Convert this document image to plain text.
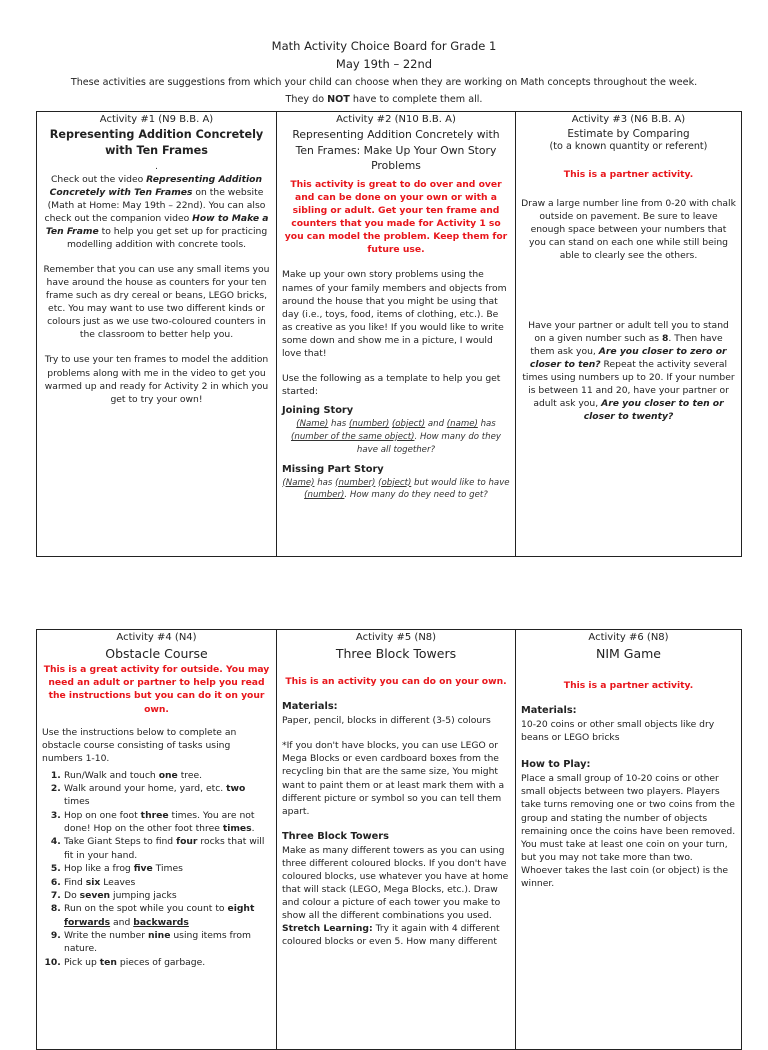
Math Activity Choice Board for Grade 1
May 19th – 22nd
These activities are suggestions from which your child can choose when they are working on Math concepts throughout the week.
They do NOT have to complete them all.
Activity #1 (N9 B.B. A)
Representing Addition Concretely with Ten Frames
.

Check out the video Representing Addition Concretely with Ten Frames on the website (Math at Home: May 19th – 22nd). You can also check out the companion video How to Make a Ten Frame to help you get set up for practicing modelling addition with concrete tools.

Remember that you can use any small items you have around the house as counters for your ten frame such as dry cereal or beans, LEGO bricks, etc. You may want to use two different kinds or colours just as we use two-coloured counters in the classroom to better help you.

Try to use your ten frames to model the addition problems along with me in the video to get you warmed up and ready for Activity 2 in which you get to try your own!

Activity #2 (N10 B.B. A)
Representing Addition Concretely with Ten Frames: Make Up Your Own Story Problems

This activity is great to do over and over and can be done on your own or with a sibling or adult. Get your ten frame and counters that you made for Activity 1 so you can model the problem. Keep them for future use.

Make up your own story problems using the names of your family members and objects from around the house that you might be using that day (i.e., toys, food, items of clothing, etc.). Be as creative as you like! If you would like to write some down and show me in a picture, I would love that!

Use the following as a template to help you get started:

Joining Story

(Name) has (number) (object) and (name) has (number of the same object). How many do they have all together?

Missing Part Story

(Name) has (number) (object) but would like to have (number). How many do they need to get?

Activity #3 (N6 B.B. A)
Estimate by Comparing
(to a known quantity or referent)

This is a partner activity.

Draw a large number line from 0-20 with chalk outside on pavement. Be sure to leave enough space between your numbers that you can stand on each one while still being able to clearly see the others.

Have your partner or adult tell you to stand on a given number such as 8. Then have them ask you, Are you closer to zero or closer to ten? Repeat the activity several times using numbers up to 20. If your number is between 11 and 20, have your partner or adult ask you, Are you closer to ten or closer to twenty?

Activity #4 (N4)
Obstacle Course

This is a great activity for outside. You may need an adult or partner to help you read the instructions but you can do it on your own.

Use the instructions below to complete an obstacle course consisting of tasks using numbers 1-10.

1. Run/Walk and touch one tree.
2. Walk around your home, yard, etc. two times
3. Hop on one foot three times. You are not done! Hop on the other foot three times.
4. Take Giant Steps to find four rocks that will fit in your hand.
5. Hop like a frog five Times
6. Find six Leaves
7. Do seven jumping jacks
8. Run on the spot while you count to eight forwards and backwards
9. Write the number nine using items from nature.
10. Pick up ten pieces of garbage.

Activity #5 (N8)
Three Block Towers

This is an activity you can do on your own.

Materials:

Paper, pencil, blocks in different (3-5) colours

*If you don't have blocks, you can use LEGO or Mega Blocks or even cardboard boxes from the recycling bin that are the same size, You might want to paint them or at least mark them with a different picture or symbol so you can tell them apart.

Three Block Towers

Make as many different towers as you can using three different coloured blocks. If you don't have coloured blocks, use whatever you have at home that will stack (LEGO, Mega Blocks, etc.). Draw and colour a picture of each tower you make to show all the different combinations you used.

Stretch Learning: Try it again with 4 different coloured blocks or even 5. How many different

Activity #6 (N8)
NIM Game

This is a partner activity.

Materials:

10-20 coins or other small objects like dry beans or LEGO bricks

How to Play:

Place a small group of 10-20 coins or other small objects between two players. Players take turns removing one or two coins from the group and stating the number of objects remaining once the coins have been removed.

You must take at least one coin on your turn, but you may not take more than two. Whoever takes the last coin (or object) is the winner.
